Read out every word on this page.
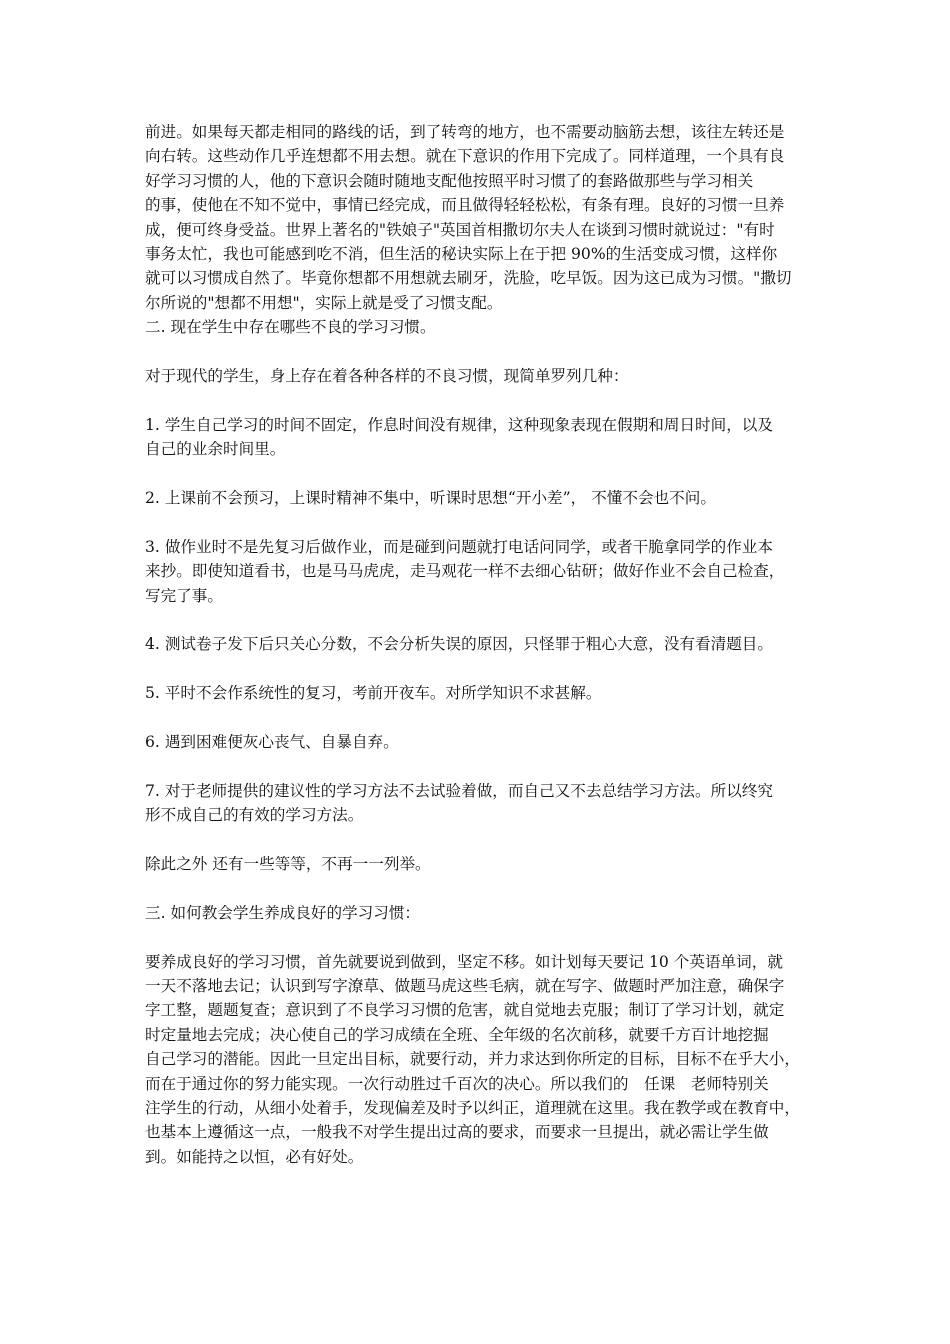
前进。如果每天都走相同的路线的话，到了转弯的地方，也不需要动脑筋去想，该往左转还是
向右转。这些动作几乎连想都不用去想。就在下意识的作用下完成了。同样道理，一个具有良
好学习习惯的人，他的下意识会随时随地支配他按照平时习惯了的套路做那些与学习相关
的事，使他在不知不觉中，事情已经完成，而且做得轻轻松松，有条有理。良好的习惯一旦养
成，便可终身受益。世界上著名的"铁娘子"英国首相撒切尔夫人在谈到习惯时就说过："有时
事务太忙，我也可能感到吃不消，但生活的秘诀实际上在于把 90%的生活变成习惯，这样你
就可以习惯成自然了。毕竟你想都不用想就去刷牙，洗脸，吃早饭。因为这已成为习惯。"撒切
尔所说的"想都不用想"，实际上就是受了习惯支配。
二. 现在学生中存在哪些不良的学习习惯。
对于现代的学生，身上存在着各种各样的不良习惯，现简单罗列几种：
1. 学生自己学习的时间不固定，作息时间没有规律，这种现象表现在假期和周日时间，以及
自己的业余时间里。
2. 上课前不会预习，上课时精神不集中，听课时思想“开小差”， 不懂不会也不问。
3. 做作业时不是先复习后做作业，而是碰到问题就打电话问同学，或者干脆拿同学的作业本
来抄。即使知道看书，也是马马虎虎，走马观花一样不去细心钻研；做好作业不会自己检查，
写完了事。
4. 测试卷子发下后只关心分数，不会分析失误的原因，只怪罪于粗心大意，没有看清题目。
5. 平时不会作系统性的复习，考前开夜车。对所学知识不求甚解。
6. 遇到困难便灰心丧气、自暴自弃。
7. 对于老师提供的建议性的学习方法不去试验着做，而自己又不去总结学习方法。所以终究
形不成自己的有效的学习方法。
除此之外 还有一些等等，不再一一列举。
三. 如何教会学生养成良好的学习习惯：
要养成良好的学习习惯，首先就要说到做到，坚定不移。如计划每天要记 10 个英语单词，就
一天不落地去记；认识到写字潦草、做题马虎这些毛病，就在写字、做题时严加注意，确保字
字工整，题题复查；意识到了不良学习习惯的危害，就自觉地去克服；制订了学习计划，就定
时定量地去完成；决心使自己的学习成绩在全班、全年级的名次前移，就要千方百计地挖掘
自己学习的潜能。因此一旦定出目标，就要行动，并力求达到你所定的目标，目标不在乎大小，
而在于通过你的努力能实现。一次行动胜过千百次的决心。所以我们的　任课　老师特别关
注学生的行动，从细小处着手，发现偏差及时予以纠正，道理就在这里。我在教学或在教育中，
也基本上遵循这一点，一般我不对学生提出过高的要求，而要求一旦提出，就必需让学生做
到。如能持之以恒，必有好处。
